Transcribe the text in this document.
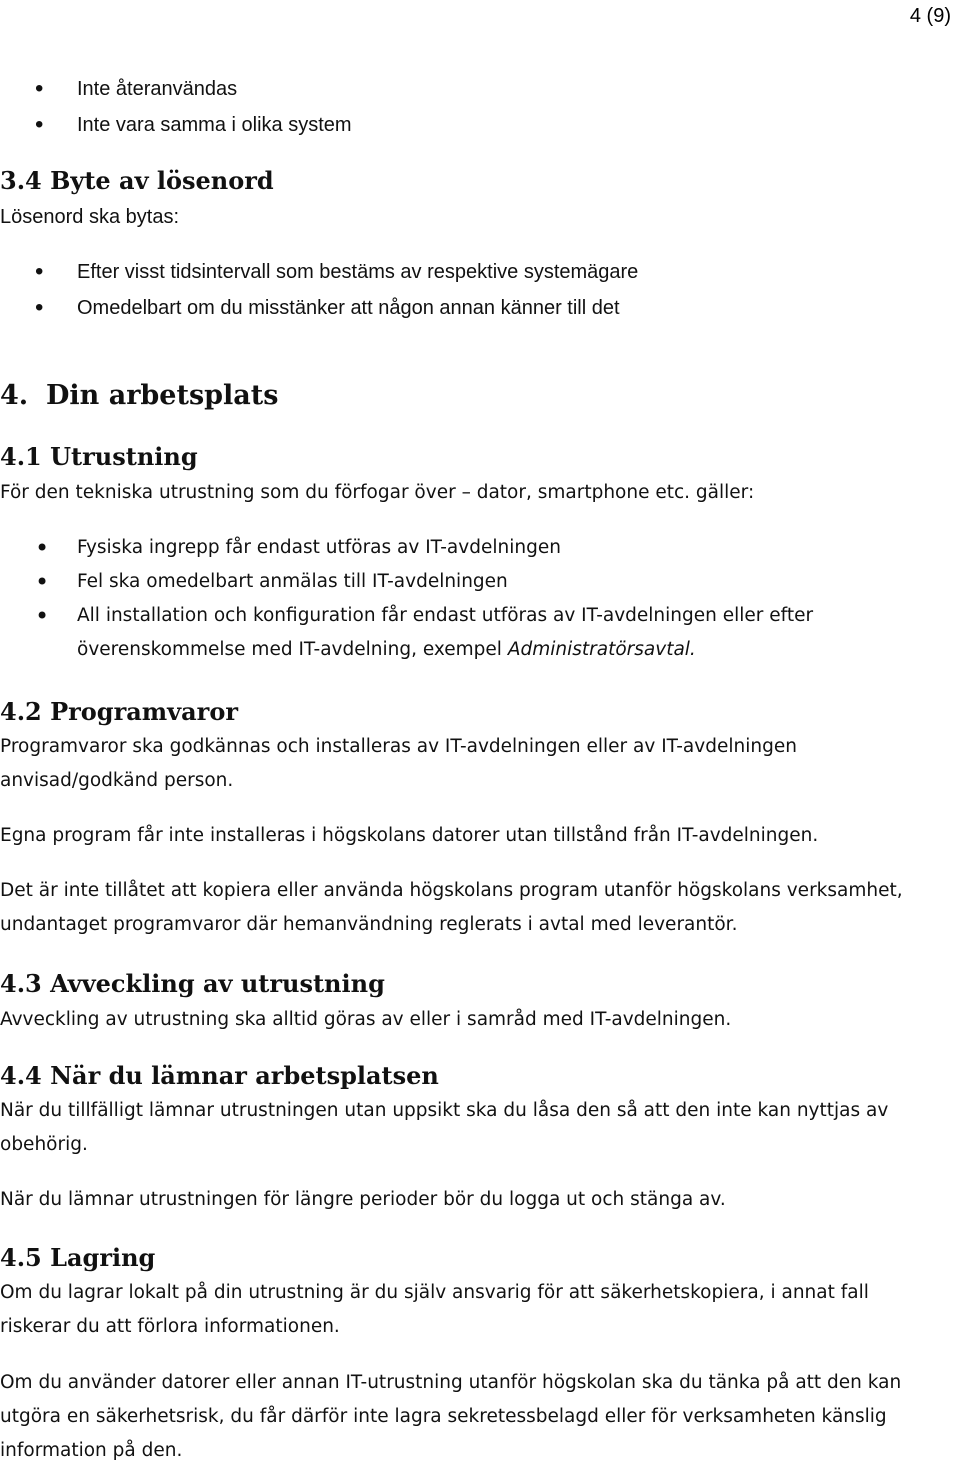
4 (9)
• Inte återanvändas
• Inte vara samma i olika system
3.4 Byte av lösenord
Lösenord ska bytas:
• Efter visst tidsintervall som bestäms av respektive systemägare
• Omedelbart om du misstänker att någon annan känner till det
4. Din arbetsplats
4.1 Utrustning
För den tekniska utrustning som du förfogar över – dator, smartphone etc. gäller:
• Fysiska ingrepp får endast utföras av IT-avdelningen
• Fel ska omedelbart anmälas till IT-avdelningen
• All installation och konfiguration får endast utföras av IT-avdelningen eller efter överenskommelse med IT-avdelning, exempel Administratörsavtal.
4.2 Programvaror
Programvaror ska godkännas och installeras av IT-avdelningen eller av IT-avdelningen anvisad/godkänd person.
Egna program får inte installeras i högskolans datorer utan tillstånd från IT-avdelningen.
Det är inte tillåtet att kopiera eller använda högskolans program utanför högskolans verksamhet, undantaget programvaror där hemanvändning reglerats i avtal med leverantör.
4.3 Avveckling av utrustning
Avveckling av utrustning ska alltid göras av eller i samråd med IT-avdelningen.
4.4 När du lämnar arbetsplatsen
När du tillfälligt lämnar utrustningen utan uppsikt ska du låsa den så att den inte kan nyttjas av obehörig.
När du lämnar utrustningen för längre perioder bör du logga ut och stänga av.
4.5 Lagring
Om du lagrar lokalt på din utrustning är du själv ansvarig för att säkerhetskopiera, i annat fall riskerar du att förlora informationen.
Om du använder datorer eller annan IT-utrustning utanför högskolan ska du tänka på att den kan utgöra en säkerhetsrisk, du får därför inte lagra sekretessbelagd eller för verksamheten känslig information på den.
